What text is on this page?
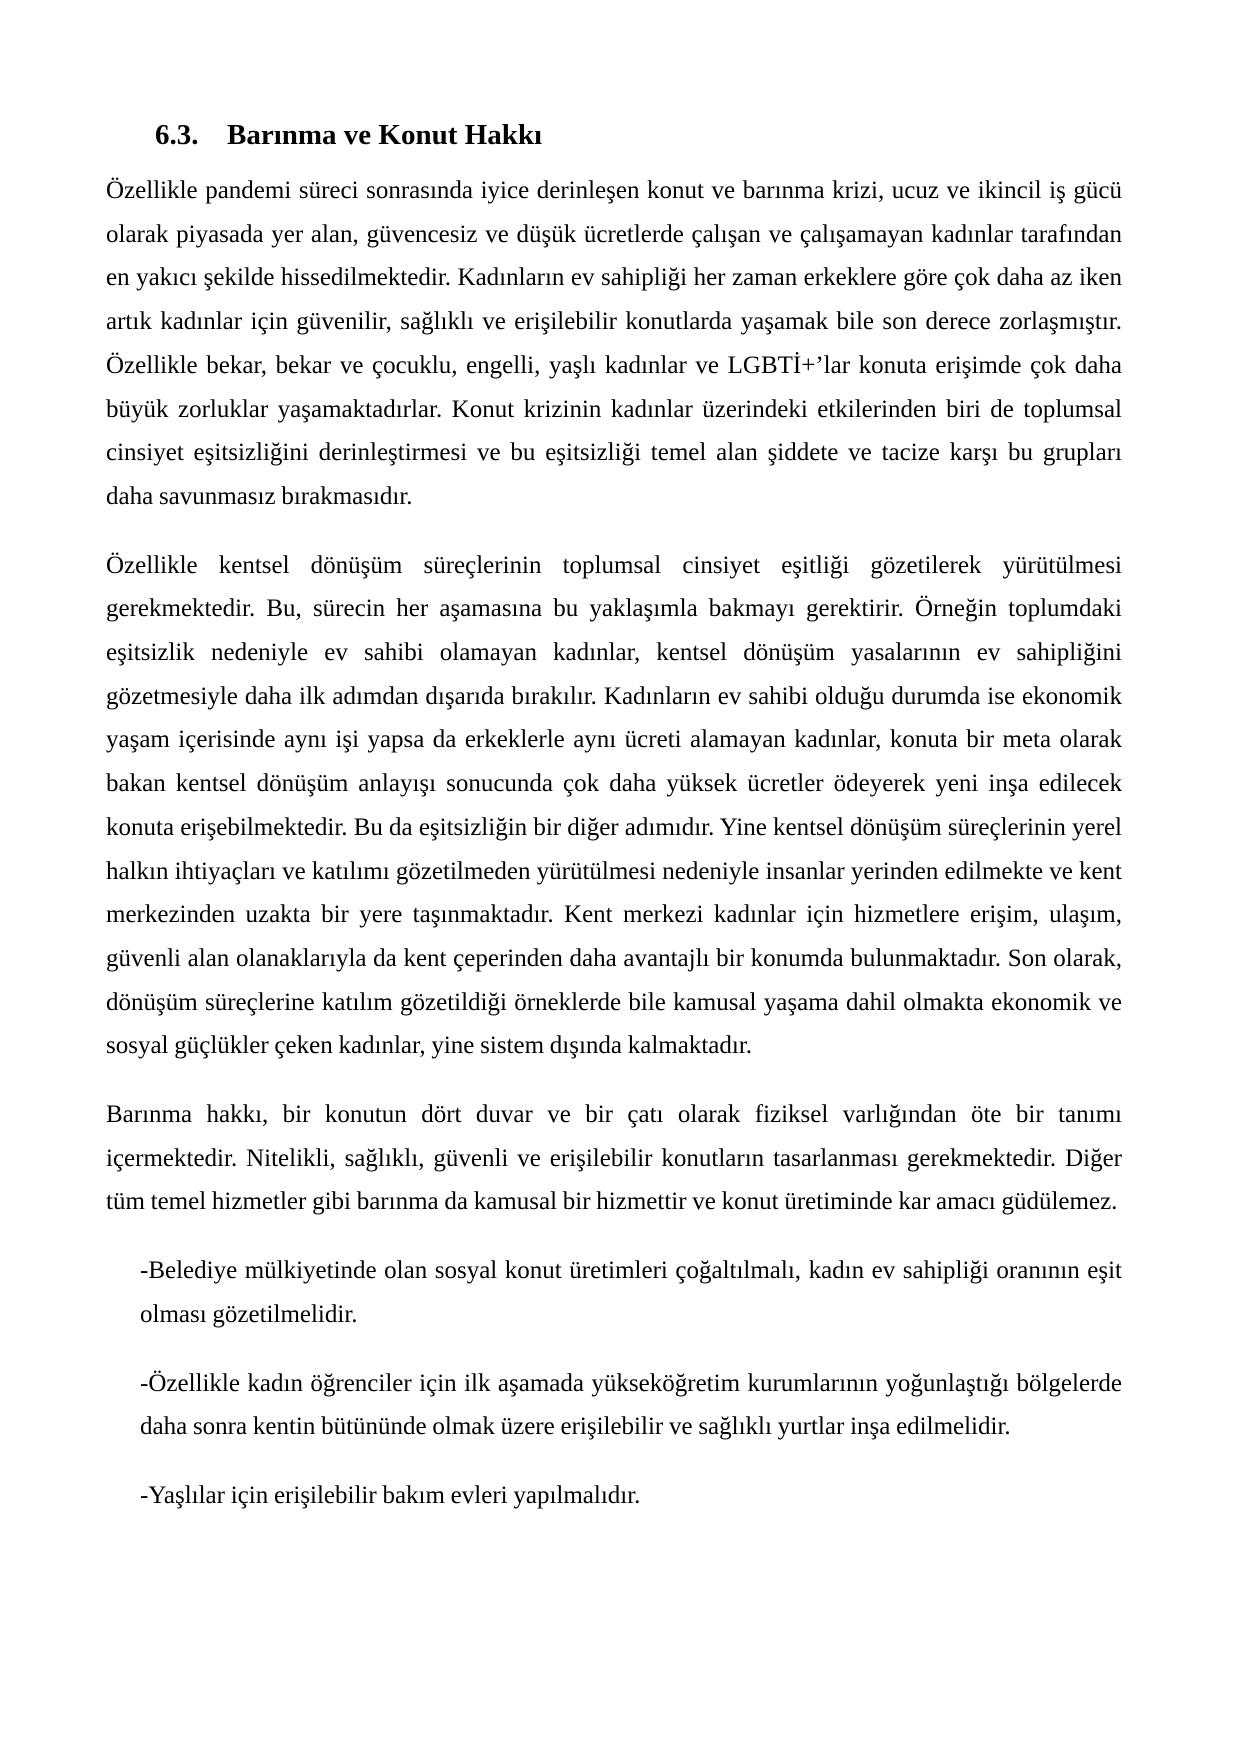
6.3. Barınma ve Konut Hakkı
Özellikle pandemi süreci sonrasında iyice derinleşen konut ve barınma krizi, ucuz ve ikincil iş gücü
olarak piyasada yer alan, güvencesiz ve düşük ücretlerde çalışan ve çalışamayan kadınlar tarafından
en yakıcı şekilde hissedilmektedir. Kadınların ev sahipliği her zaman erkeklere göre çok daha az iken
artık kadınlar için güvenilir, sağlıklı ve erişilebilir konutlarda yaşamak bile son derece zorlaşmıştır.
Özellikle bekar, bekar ve çocuklu, engelli, yaşlı kadınlar ve LGBTİ+’lar konuta erişimde çok daha
büyük zorluklar yaşamaktadırlar. Konut krizinin kadınlar üzerindeki etkilerinden biri de toplumsal
cinsiyet eşitsizliğini derinleştirmesi ve bu eşitsizliği temel alan şiddete ve tacize karşı bu grupları
daha savunmasız bırakmasıdır.
Özellikle kentsel dönüşüm süreçlerinin toplumsal cinsiyet eşitliği gözetilerek yürütülmesi
gerekmektedir. Bu, sürecin her aşamasına bu yaklaşımla bakmayı gerektirir. Örneğin toplumdaki
eşitsizlik nedeniyle ev sahibi olamayan kadınlar, kentsel dönüşüm yasalarının ev sahipliğini
gözetmesiyle daha ilk adımdan dışarıda bırakılır. Kadınların ev sahibi olduğu durumda ise ekonomik
yaşam içerisinde aynı işi yapsa da erkeklerle aynı ücreti alamayan kadınlar, konuta bir meta olarak
bakan kentsel dönüşüm anlayışı sonucunda çok daha yüksek ücretler ödeyerek yeni inşa edilecek
konuta erişebilmektedir. Bu da eşitsizliğin bir diğer adımıdır. Yine kentsel dönüşüm süreçlerinin yerel
halkın ihtiyaçları ve katılımı gözetilmeden yürütülmesi nedeniyle insanlar yerinden edilmekte ve kent
merkezinden uzakta bir yere taşınmaktadır. Kent merkezi kadınlar için hizmetlere erişim, ulaşım,
güvenli alan olanaklarıyla da kent çeperinden daha avantajlı bir konumda bulunmaktadır. Son olarak,
dönüşüm süreçlerine katılım gözetildiği örneklerde bile kamusal yaşama dahil olmakta ekonomik ve
sosyal güçlükler çeken kadınlar, yine sistem dışında kalmaktadır.
Barınma hakkı, bir konutun dört duvar ve bir çatı olarak fiziksel varlığından öte bir tanımı
içermektedir. Nitelikli, sağlıklı, güvenli ve erişilebilir konutların tasarlanması gerekmektedir. Diğer
tüm temel hizmetler gibi barınma da kamusal bir hizmettir ve konut üretiminde kar amacı güdülemez.
-Belediye mülkiyetinde olan sosyal konut üretimleri çoğaltılmalı, kadın ev sahipliği oranının eşit
olması gözetilmelidir.
-Özellikle kadın öğrenciler için ilk aşamada yükseköğretim kurumlarının yoğunlaştığı bölgelerde
daha sonra kentin bütününde olmak üzere erişilebilir ve sağlıklı yurtlar inşa edilmelidir.
-Yaşlılar için erişilebilir bakım evleri yapılmalıdır.
